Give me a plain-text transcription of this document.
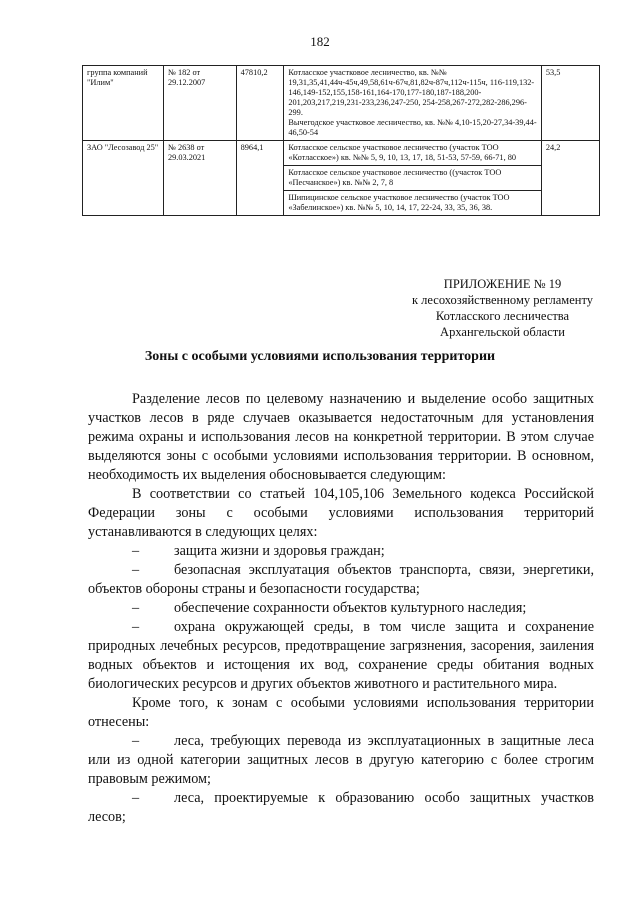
182
группа компаний "Илим"	№ 182 от 29.12.2007	47810,2	Котласское участковое лесничество, кв. №№ 19,31,35,41,44ч-45ч,49,58,61ч-67ч,81,82ч-87ч,112ч-115ч, 116-119,132-146,149-152,155,158-161,164-170,177-180,187-188,200-201,203,217,219,231-233,236,247-250, 254-258,267-272,282-286,296-299.
Вычегодское участковое лесничество, кв. №№ 4,10-15,20-27,34-39,44-46,50-54	53,5
ЗАО "Лесозавод 25"	№ 2638 от 29.03.2021	8964,1	Котласское сельское участковое лесничество (участок ТОО «Котласское») кв. №№ 5, 9, 10, 13, 17, 18, 51-53, 57-59, 66-71, 80	24,2
			Котласское сельское участковое лесничество ((участок ТОО «Песчанское») кв. №№ 2, 7, 8	
			Шипицинское сельское участковое лесничество (участок ТОО «Забелинское») кв. №№ 5, 10, 14, 17, 22-24, 33, 35, 36, 38.	
ПРИЛОЖЕНИЕ № 19
к лесохозяйственному регламенту
Котласского лесничества
Архангельской области
Зоны с особыми условиями использования территории

Разделение лесов по целевому назначению и выделение особо защитных участков лесов в ряде случаев оказывается недостаточным для установления режима охраны и использования лесов на конкретной территории. В этом случае выделяются зоны с особыми условиями использования территории. В основном, необходимость их выделения обосновывается следующим:

В соответствии со статьей 104,105,106 Земельного кодекса Российской Федерации зоны с особыми условиями использования территорий устанавливаются в следующих целях:

– защита жизни и здоровья граждан;

– безопасная эксплуатация объектов транспорта, связи, энергетики, объектов обороны страны и безопасности государства;

– обеспечение сохранности объектов культурного наследия;

– охрана окружающей среды, в том числе защита и сохранение природных лечебных ресурсов, предотвращение загрязнения, засорения, заиления водных объектов и истощения их вод, сохранение среды обитания водных биологических ресурсов и других объектов животного и растительного мира.

Кроме того, к зонам с особыми условиями использования территории отнесены:

– леса, требующих перевода из эксплуатационных в защитные леса или из одной категории защитных лесов в другую категорию с более строгим правовым режимом;

– леса, проектируемые к образованию особо защитных участков лесов;
